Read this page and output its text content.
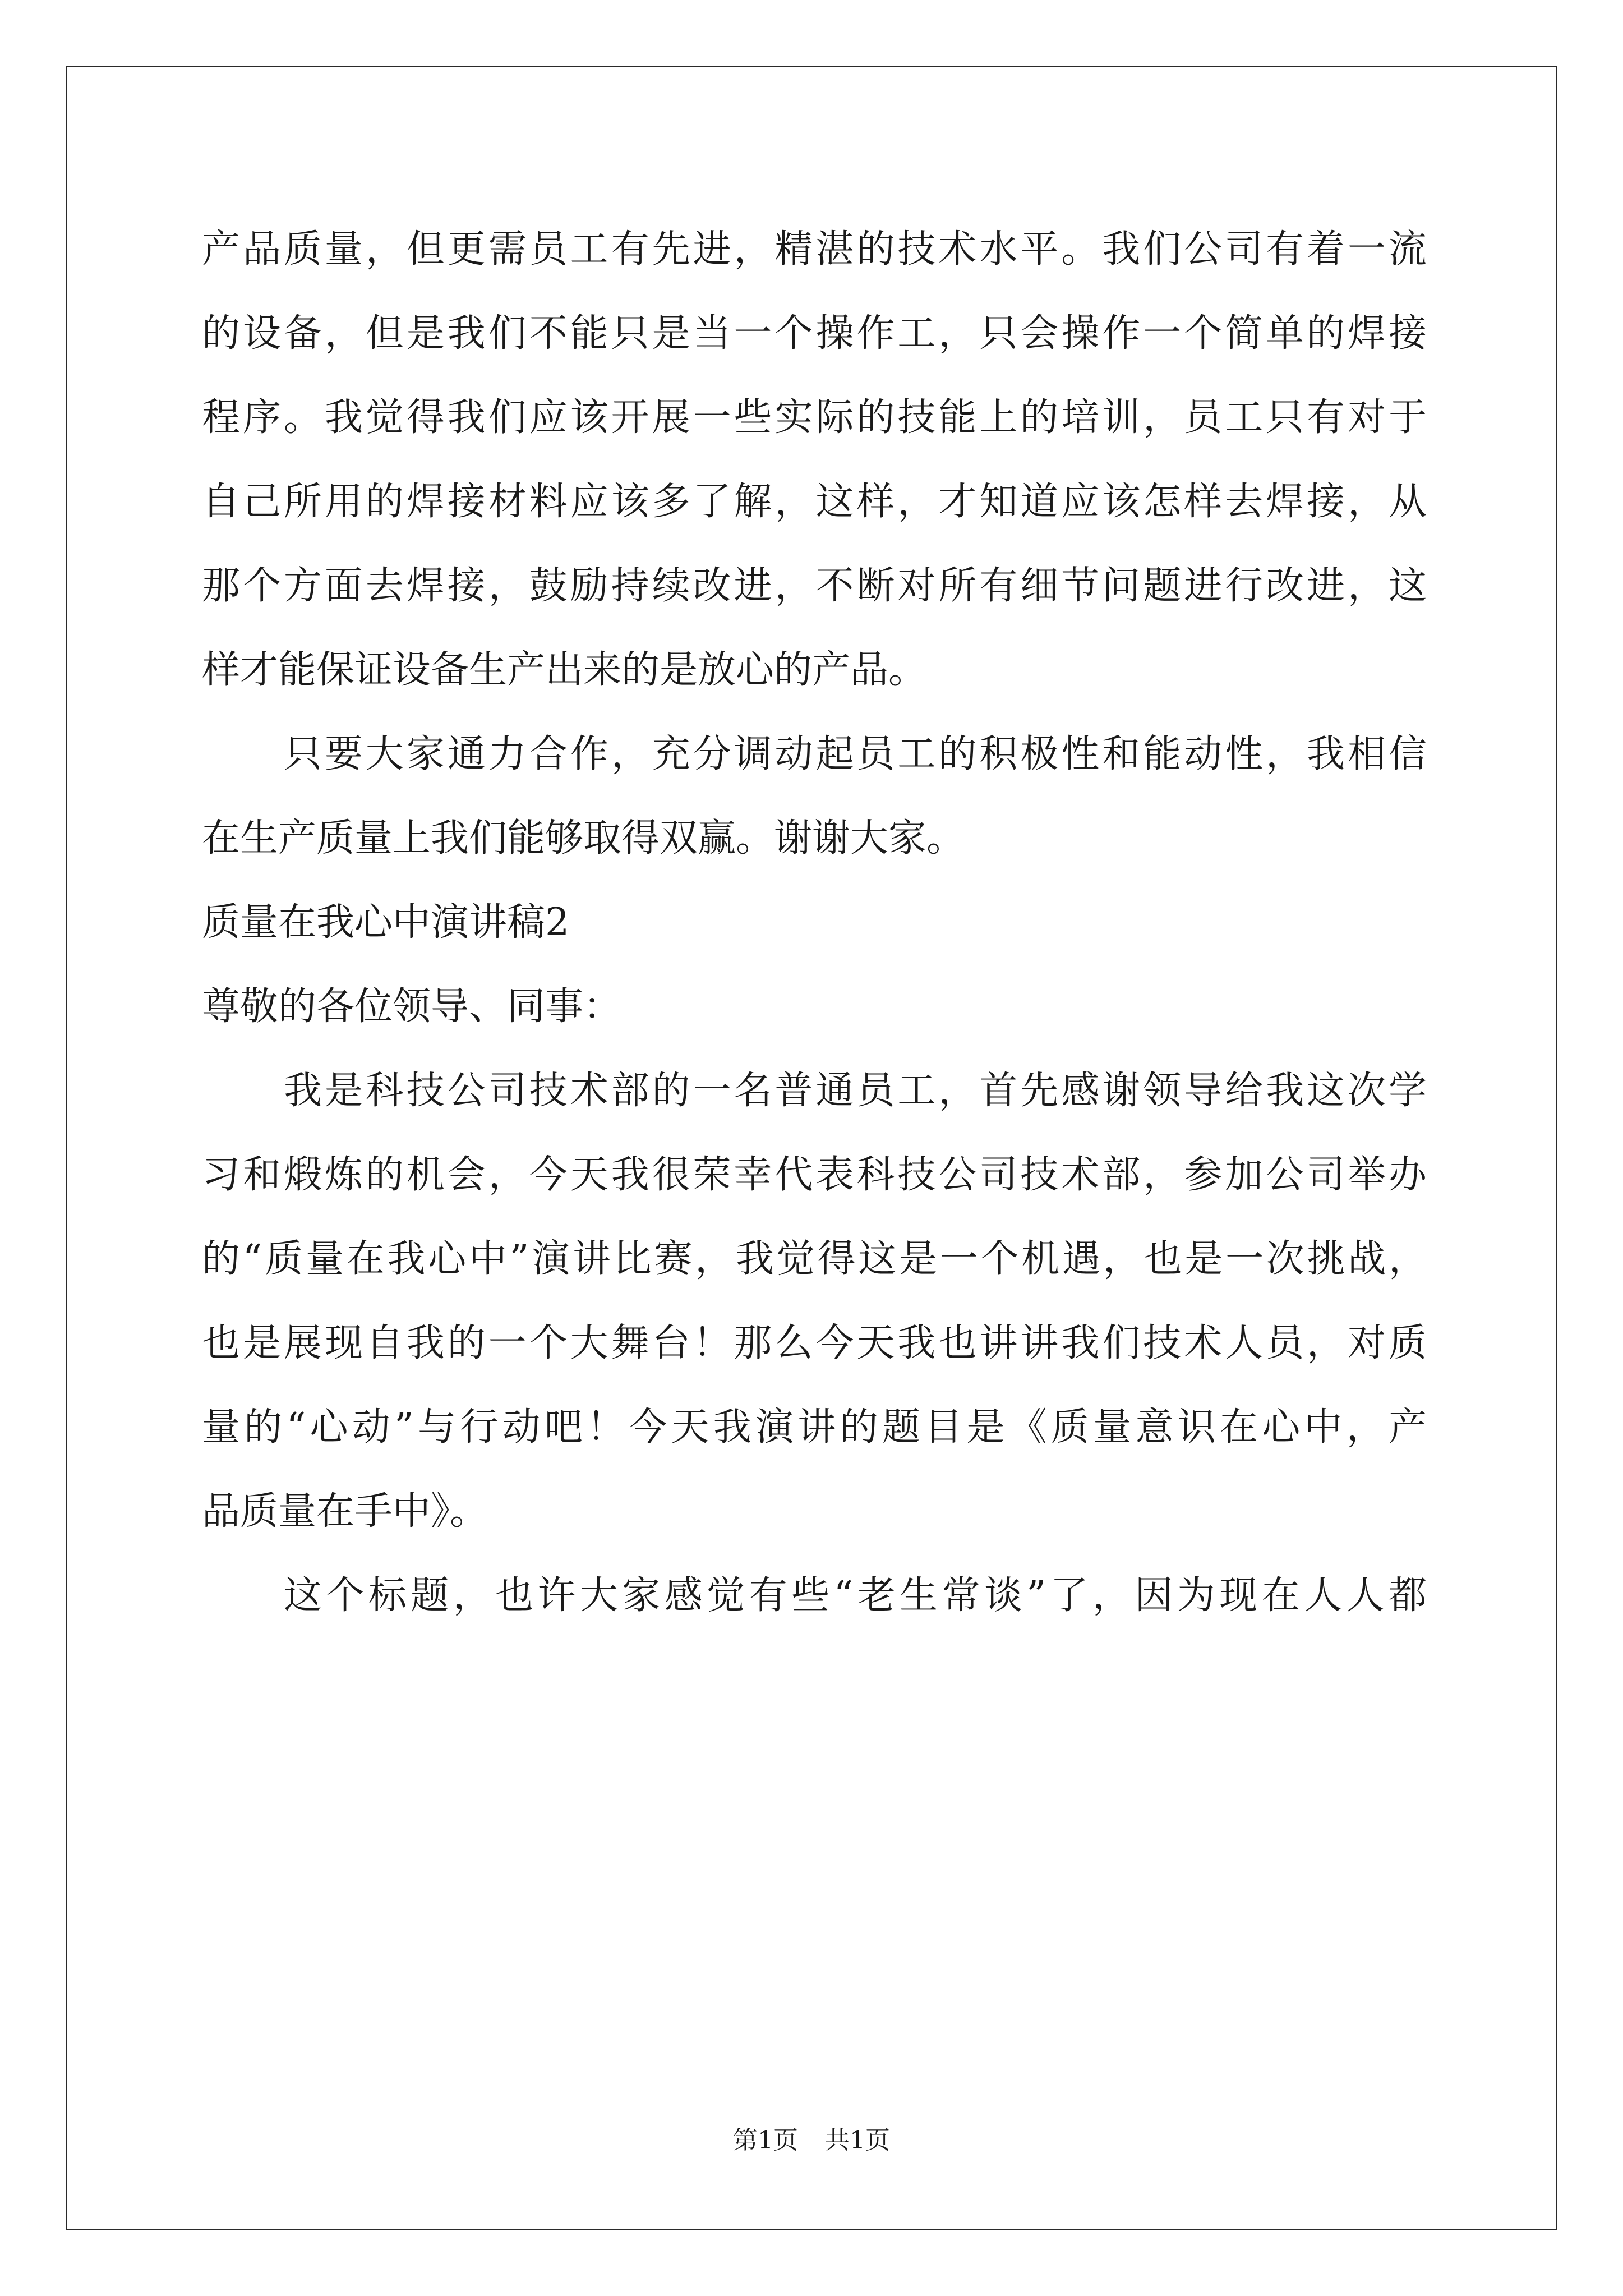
产品质量，但更需员工有先进，精湛的技术水平。我们公司有着一流
的设备，但是我们不能只是当一个操作工，只会操作一个简单的焊接
程序。我觉得我们应该开展一些实际的技能上的培训，员工只有对于
自己所用的焊接材料应该多了解，这样，才知道应该怎样去焊接，从
那个方面去焊接，鼓励持续改进，不断对所有细节问题进行改进，这
样才能保证设备生产出来的是放心的产品。
只要大家通力合作，充分调动起员工的积极性和能动性，我相信
在生产质量上我们能够取得双赢。谢谢大家。
质量在我心中演讲稿2
尊敬的各位领导、同事：
我是科技公司技术部的一名普通员工，首先感谢领导给我这次学
习和煅炼的机会，今天我很荣幸代表科技公司技术部，参加公司举办
的“质量在我心中”演讲比赛，我觉得这是一个机遇，也是一次挑战，
也是展现自我的一个大舞台！那么今天我也讲讲我们技术人员，对质
量的“心动”与行动吧！今天我演讲的题目是《质量意识在心中，产
品质量在手中》。
这个标题，也许大家感觉有些“老生常谈”了，因为现在人人都
第1页 共1页
